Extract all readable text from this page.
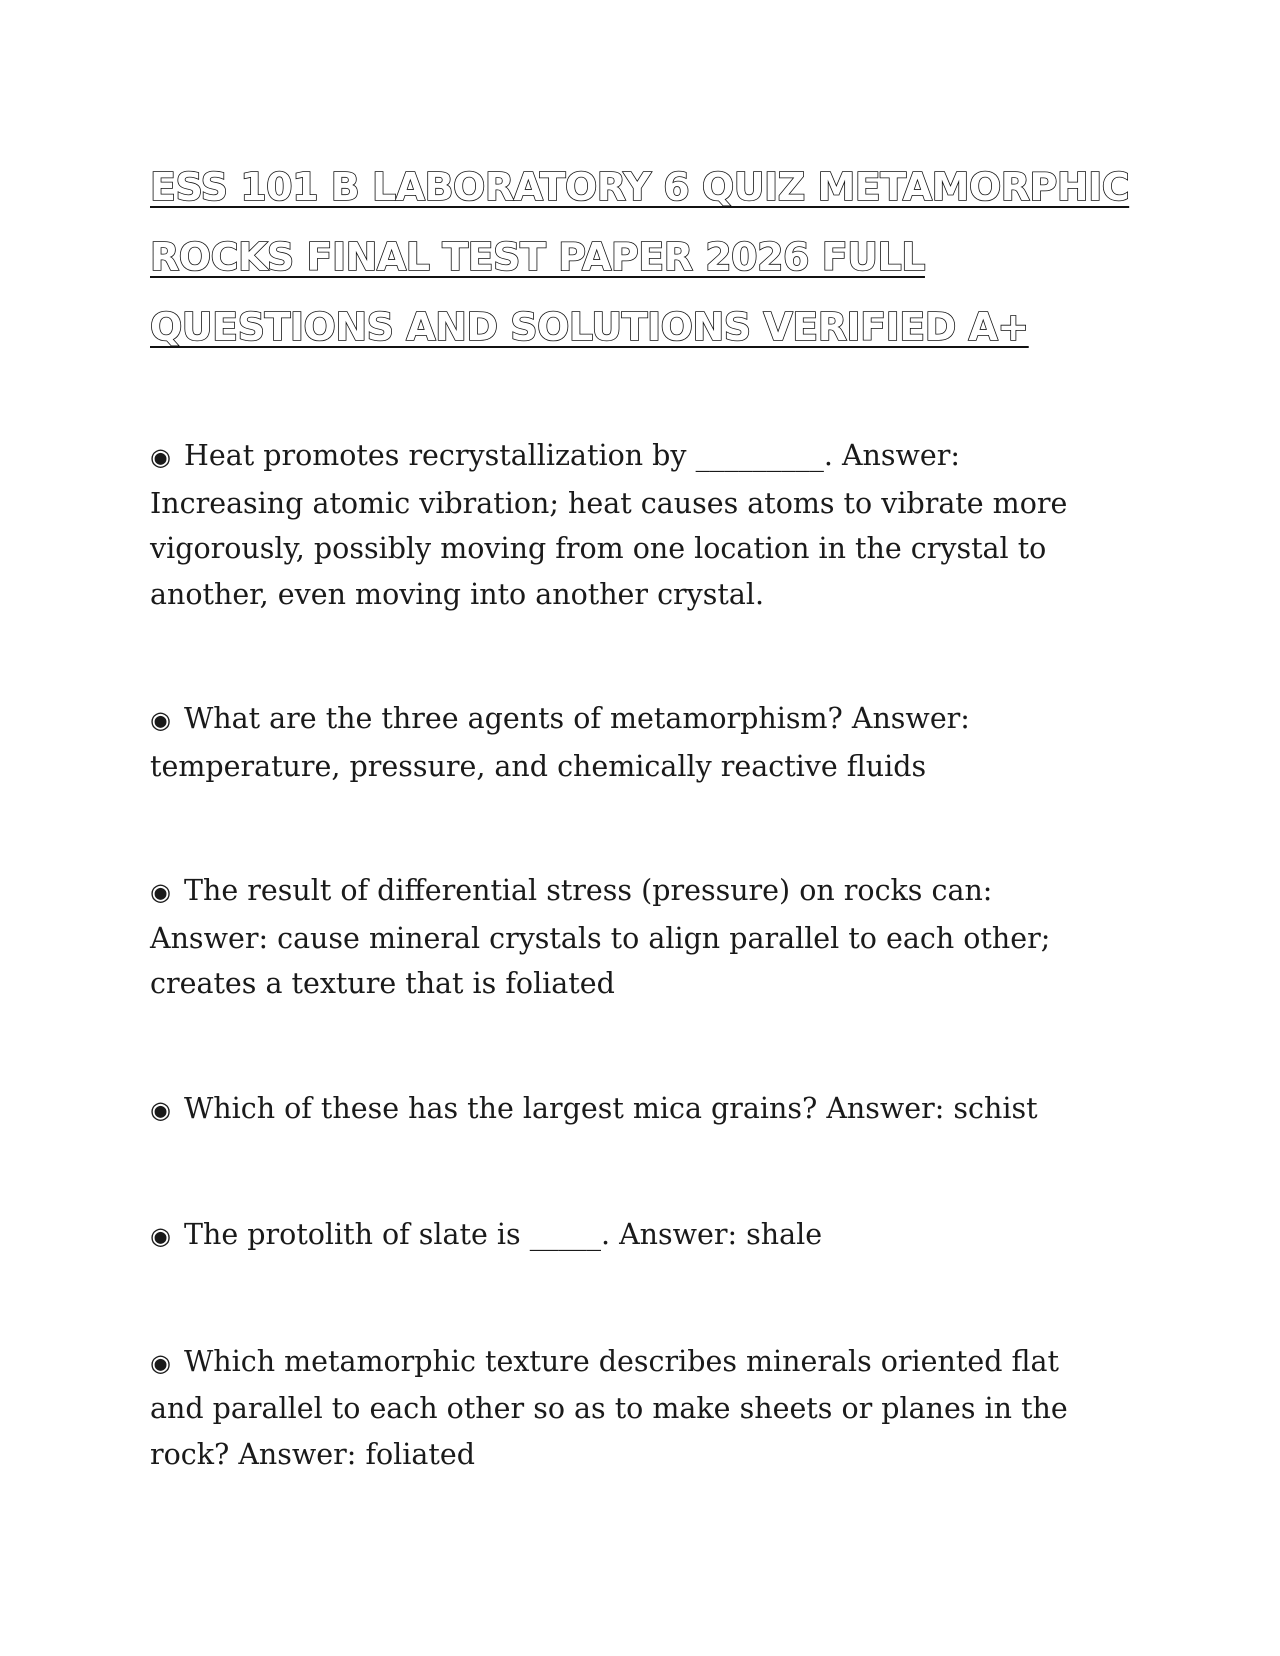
ESS 101 B LABORATORY 6 QUIZ METAMORPHIC ROCKS FINAL TEST PAPER 2026 FULL QUESTIONS AND SOLUTIONS VERIFIED A+

◉ Heat promotes recrystallization by _________. Answer: Increasing atomic vibration; heat causes atoms to vibrate more vigorously, possibly moving from one location in the crystal to another, even moving into another crystal.

◉ What are the three agents of metamorphism? Answer: temperature, pressure, and chemically reactive fluids

◉ The result of differential stress (pressure) on rocks can: Answer: cause mineral crystals to align parallel to each other; creates a texture that is foliated

◉ Which of these has the largest mica grains? Answer: schist

◉ The protolith of slate is _____. Answer: shale

◉ Which metamorphic texture describes minerals oriented flat and parallel to each other so as to make sheets or planes in the rock? Answer: foliated
